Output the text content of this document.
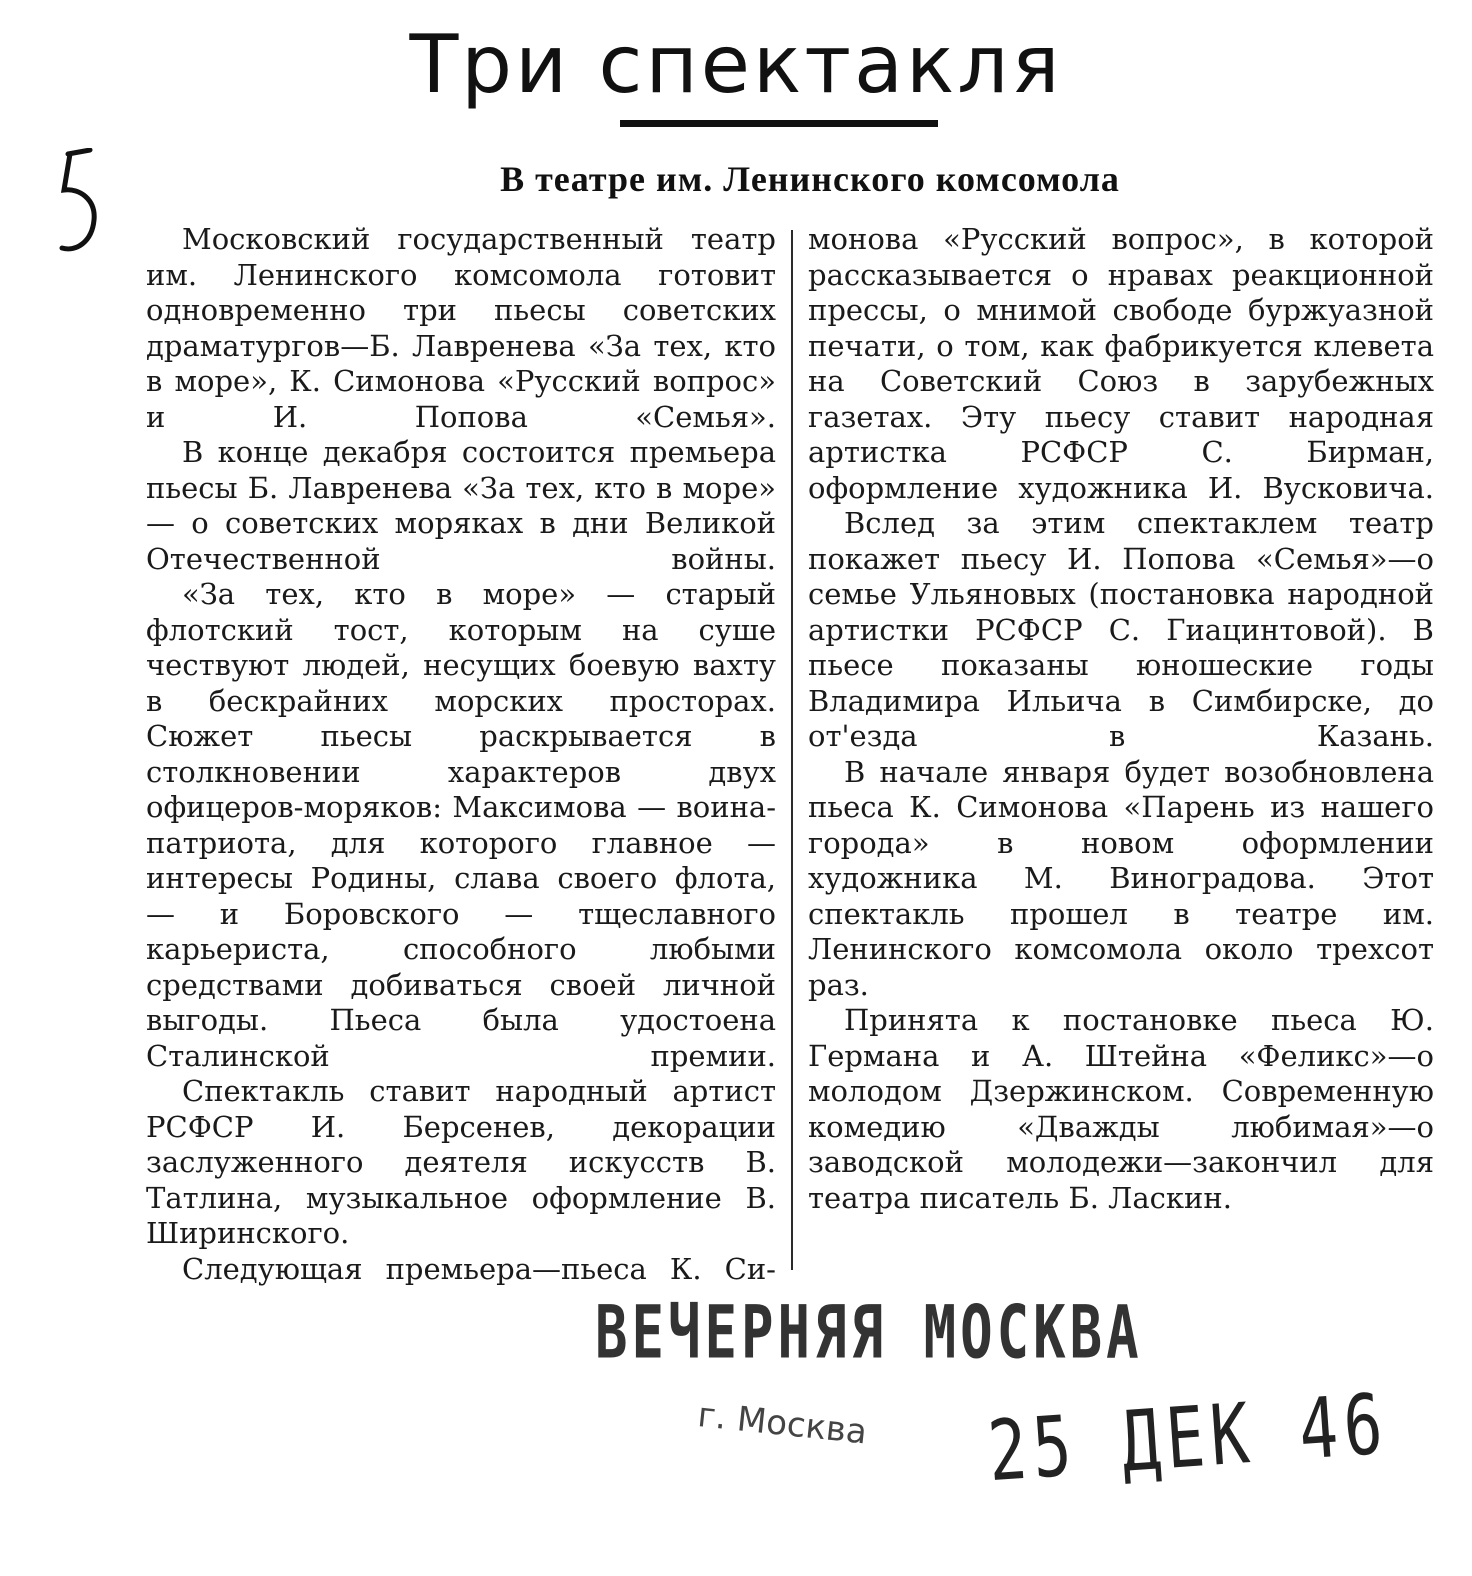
Три спектакля
В театре им. Ленинского комсомола

Московский государственный театр им. Ленинского комсомола готовит одновременно три пьесы советских драматургов—Б. Лавренева «За тех, кто в море», К. Симонова «Русский вопрос» и И. Попова «Семья».

В конце декабря состоится премьера пьесы Б. Лавренева «За тех, кто в море» — о советских моряках в дни Великой Отечественной войны.

«За тех, кто в море» — старый флотский тост, которым на суше чествуют людей, несущих боевую вахту в бескрайних морских просторах. Сюжет пьесы раскрывается в столкновении характеров двух офицеров-моряков: Максимова — воина-патриота, для которого главное — интересы Родины, слава своего флота, — и Боровского — тщеславного карьериста, способного любыми средствами добиваться своей личной выгоды. Пьеса была удостоена Сталинской премии.

Спектакль ставит народный артист РСФСР И. Берсенев, декорации заслуженного деятеля искусств В. Татлина, музыкальное оформление В. Ширинского.

Следующая премьера—пьеса К. Си-

монова «Русский вопрос», в которой рассказывается о нравах реакционной прессы, о мнимой свободе буржуазной печати, о том, как фабрикуется клевета на Советский Союз в зарубежных газетах. Эту пьесу ставит народная артистка РСФСР С. Бирман, оформление художника И. Вусковича.

Вслед за этим спектаклем театр покажет пьесу И. Попова «Семья»—о семье Ульяновых (постановка народной артистки РСФСР С. Гиацинтовой). В пьесе показаны юношеские годы Владимира Ильича в Симбирске, до от'езда в Казань.

В начале января будет возобновлена пьеса К. Симонова «Парень из нашего города» в новом оформлении художника М. Виноградова. Этот спектакль прошел в театре им. Ленинского комсомола около трехсот раз.

Принята к постановке пьеса Ю. Германа и А. Штейна «Феликс»—о молодом Дзержинском. Современную комедию «Дважды любимая»—о заводской молодежи—закончил для театра писатель Б. Ласкин.

ВЕЧЕРНЯЯ МОСКВА
г. Москва 25 ДЕК 46
